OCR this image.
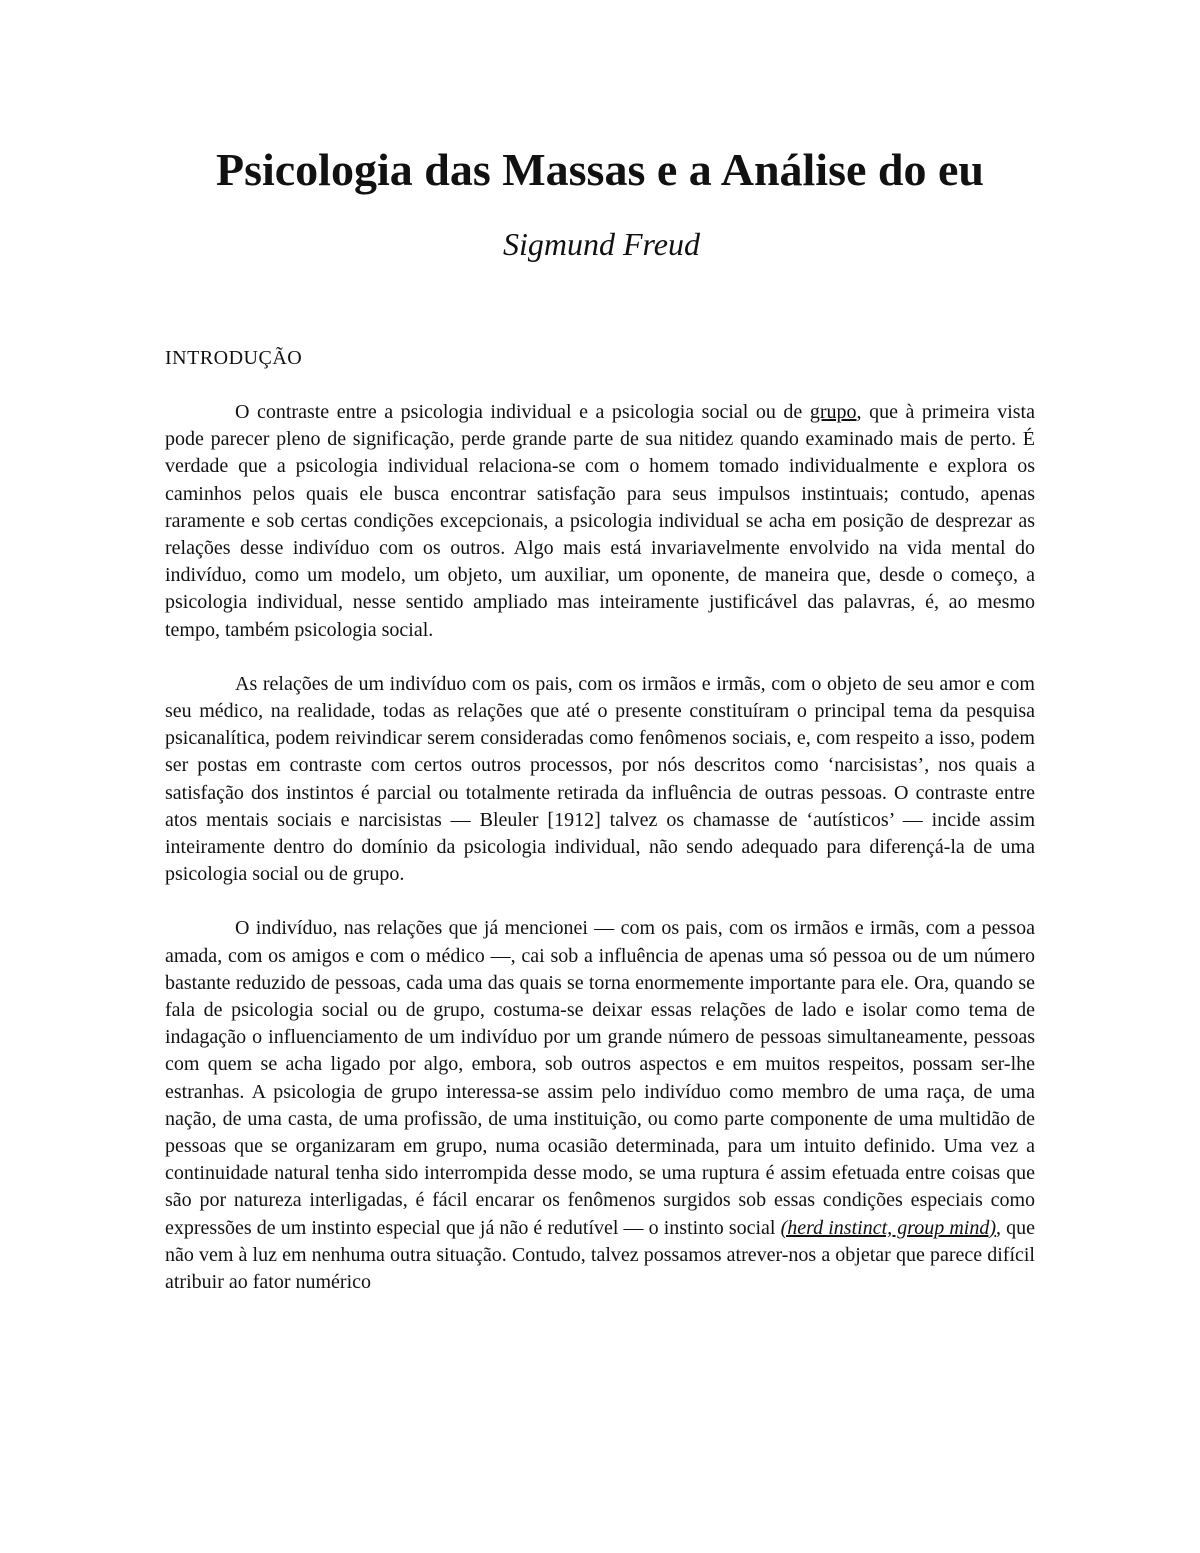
Psicologia das Massas e a Análise do eu

Sigmund Freud

INTRODUÇÃO

O contraste entre a psicologia individual e a psicologia social ou de grupo, que à primeira vista pode parecer pleno de significação, perde grande parte de sua nitidez quando examinado mais de perto. É verdade que a psicologia individual relaciona-se com o homem tomado individualmente e explora os caminhos pelos quais ele busca encontrar satisfação para seus impulsos instintuais; contudo, apenas raramente e sob certas condições excepcionais, a psicologia individual se acha em posição de desprezar as relações desse indivíduo com os outros. Algo mais está invariavelmente envolvido na vida mental do indivíduo, como um modelo, um objeto, um auxiliar, um oponente, de maneira que, desde o começo, a psicologia individual, nesse sentido ampliado mas inteiramente justificável das palavras, é, ao mesmo tempo, também psicologia social.

As relações de um indivíduo com os pais, com os irmãos e irmãs, com o objeto de seu amor e com seu médico, na realidade, todas as relações que até o presente constituíram o principal tema da pesquisa psicanalítica, podem reivindicar serem consideradas como fenômenos sociais, e, com respeito a isso, podem ser postas em contraste com certos outros processos, por nós descritos como ‘narcisistas’, nos quais a satisfação dos instintos é parcial ou totalmente retirada da influência de outras pessoas. O contraste entre atos mentais sociais e narcisistas — Bleuler [1912] talvez os chamasse de ‘autísticos’ — incide assim inteiramente dentro do domínio da psicologia individual, não sendo adequado para diferençá-la de uma psicologia social ou de grupo.

O indivíduo, nas relações que já mencionei — com os pais, com os irmãos e irmãs, com a pessoa amada, com os amigos e com o médico —, cai sob a influência de apenas uma só pessoa ou de um número bastante reduzido de pessoas, cada uma das quais se torna enormemente importante para ele. Ora, quando se fala de psicologia social ou de grupo, costuma-se deixar essas relações de lado e isolar como tema de indagação o influenciamento de um indivíduo por um grande número de pessoas simultaneamente, pessoas com quem se acha ligado por algo, embora, sob outros aspectos e em muitos respeitos, possam ser-lhe estranhas. A psicologia de grupo interessa-se assim pelo indivíduo como membro de uma raça, de uma nação, de uma casta, de uma profissão, de uma instituição, ou como parte componente de uma multidão de pessoas que se organizaram em grupo, numa ocasião determinada, para um intuito definido. Uma vez a continuidade natural tenha sido interrompida desse modo, se uma ruptura é assim efetuada entre coisas que são por natureza interligadas, é fácil encarar os fenômenos surgidos sob essas condições especiais como expressões de um instinto especial que já não é redutível — o instinto social (herd instinct, group mind), que não vem à luz em nenhuma outra situação. Contudo, talvez possamos atrever-nos a objetar que parece difícil atribuir ao fator numérico
